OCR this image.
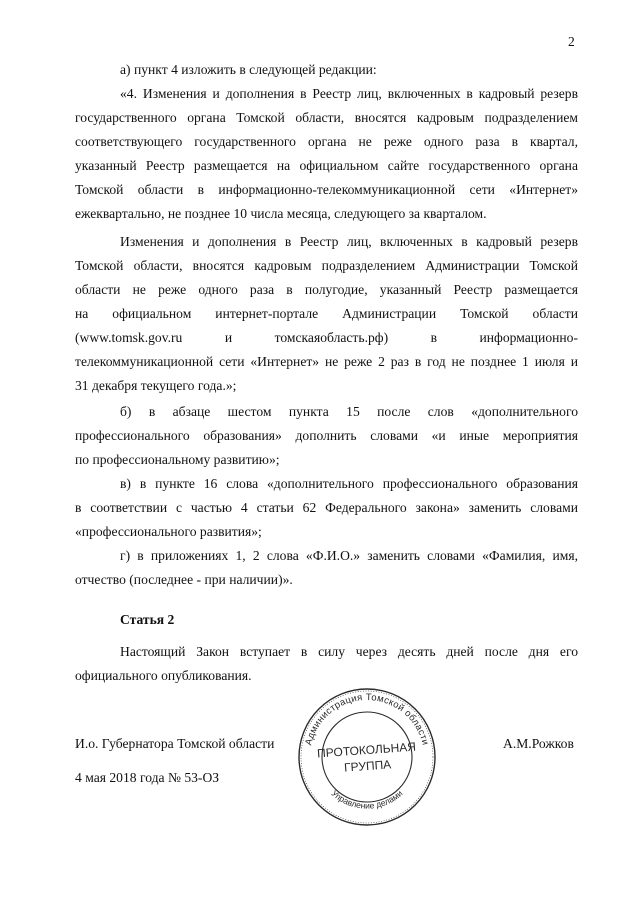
2
а) пункт 4 изложить в следующей редакции:
«4. Изменения и дополнения в Реестр лиц, включенных в кадровый резерв
государственного органа Томской области, вносятся кадровым подразделением
соответствующего государственного органа не реже одного раза в квартал,
указанный Реестр размещается на официальном сайте государственного органа
Томской области в информационно-телекоммуникационной сети «Интернет»
ежеквартально, не позднее 10 числа месяца, следующего за кварталом.
Изменения и дополнения в Реестр лиц, включенных в кадровый резерв
Томской области, вносятся кадровым подразделением Администрации Томской
области не реже одного раза в полугодие, указанный Реестр размещается
на официальном интернет-портале Администрации Томской области
(www.tomsk.gov.ru и томскаяобласть.рф) в информационно-
телекоммуникационной сети «Интернет» не реже 2 раз в год не позднее 1 июля и
31 декабря текущего года.»;
б) в абзаце шестом пункта 15 после слов «дополнительного
профессионального образования» дополнить словами «и иные мероприятия
по профессиональному развитию»;
в) в пункте 16 слова «дополнительного профессионального образования
в соответствии с частью 4 статьи 62 Федерального закона» заменить словами
«профессионального развития»;
г) в приложениях 1, 2 слова «Ф.И.О.» заменить словами «Фамилия, имя,
отчество (последнее - при наличии)».
Статья 2
Настоящий Закон вступает в силу через десять дней после дня его
официального опубликования.
Администрация Томской области
Управление делами
ПРОТОКОЛЬНАЯ
ГРУППА
И.о. Губернатора Томской области	А.М.Рожков
4 мая 2018 года № 53-ОЗ
